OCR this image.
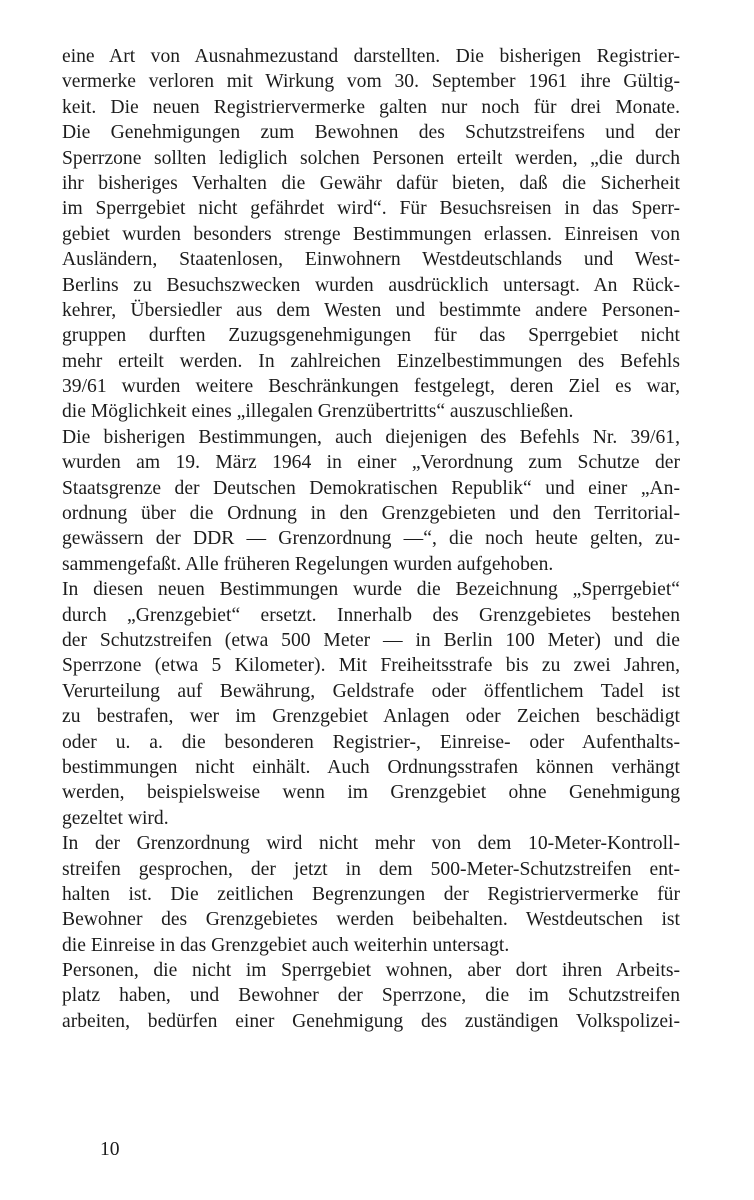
eine Art von Ausnahmezustand darstellten. Die bisherigen Registrier-
vermerke verloren mit Wirkung vom 30. September 1961 ihre Gültig-
keit. Die neuen Registriervermerke galten nur noch für drei Monate.
Die Genehmigungen zum Bewohnen des Schutzstreifens und der
Sperrzone sollten lediglich solchen Personen erteilt werden, „die durch
ihr bisheriges Verhalten die Gewähr dafür bieten, daß die Sicherheit
im Sperrgebiet nicht gefährdet wird“. Für Besuchsreisen in das Sperr-
gebiet wurden besonders strenge Bestimmungen erlassen. Einreisen von
Ausländern, Staatenlosen, Einwohnern Westdeutschlands und West-
Berlins zu Besuchszwecken wurden ausdrücklich untersagt. An Rück-
kehrer, Übersiedler aus dem Westen und bestimmte andere Personen-
gruppen durften Zuzugsgenehmigungen für das Sperrgebiet nicht
mehr erteilt werden. In zahlreichen Einzelbestimmungen des Befehls
39/61 wurden weitere Beschränkungen festgelegt, deren Ziel es war,
die Möglichkeit eines „illegalen Grenzübertritts“ auszuschließen.
Die bisherigen Bestimmungen, auch diejenigen des Befehls Nr. 39/61,
wurden am 19. März 1964 in einer „Verordnung zum Schutze der
Staatsgrenze der Deutschen Demokratischen Republik“ und einer „An-
ordnung über die Ordnung in den Grenzgebieten und den Territorial-
gewässern der DDR — Grenzordnung —“, die noch heute gelten, zu-
sammengefaßt. Alle früheren Regelungen wurden aufgehoben.
In diesen neuen Bestimmungen wurde die Bezeichnung „Sperrgebiet“
durch „Grenzgebiet“ ersetzt. Innerhalb des Grenzgebietes bestehen
der Schutzstreifen (etwa 500 Meter — in Berlin 100 Meter) und die
Sperrzone (etwa 5 Kilometer). Mit Freiheitsstrafe bis zu zwei Jahren,
Verurteilung auf Bewährung, Geldstrafe oder öffentlichem Tadel ist
zu bestrafen, wer im Grenzgebiet Anlagen oder Zeichen beschädigt
oder u. a. die besonderen Registrier-, Einreise- oder Aufenthalts-
bestimmungen nicht einhält. Auch Ordnungsstrafen können verhängt
werden, beispielsweise wenn im Grenzgebiet ohne Genehmigung
gezeltet wird.
In der Grenzordnung wird nicht mehr von dem 10-Meter-Kontroll-
streifen gesprochen, der jetzt in dem 500-Meter-Schutzstreifen ent-
halten ist. Die zeitlichen Begrenzungen der Registriervermerke für
Bewohner des Grenzgebietes werden beibehalten. Westdeutschen ist
die Einreise in das Grenzgebiet auch weiterhin untersagt.
Personen, die nicht im Sperrgebiet wohnen, aber dort ihren Arbeits-
platz haben, und Bewohner der Sperrzone, die im Schutzstreifen
arbeiten, bedürfen einer Genehmigung des zuständigen Volkspolizei-
10
